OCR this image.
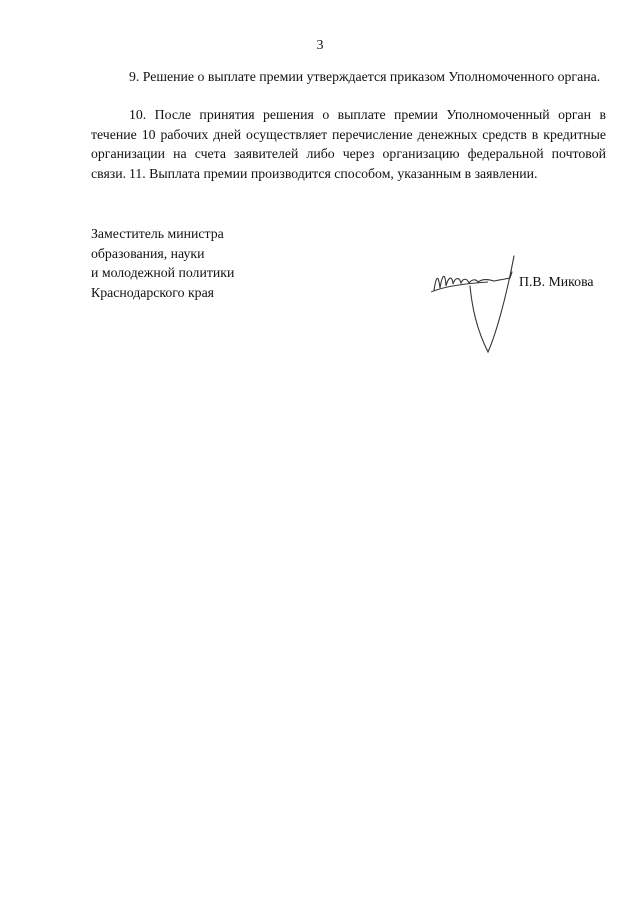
3

9. Решение о выплате премии утверждается приказом Уполномоченного органа.

10. После принятия решения о выплате премии Уполномоченный орган в течение 10 рабочих дней осуществляет перечисление денежных средств в кредитные организации на счета заявителей либо через организацию федеральной почтовой связи. 11. Выплата премии производится способом, указанным в заявлении.

Заместитель министра
образования, науки
и молодежной политики
Краснодарского края
П.В. Микова
